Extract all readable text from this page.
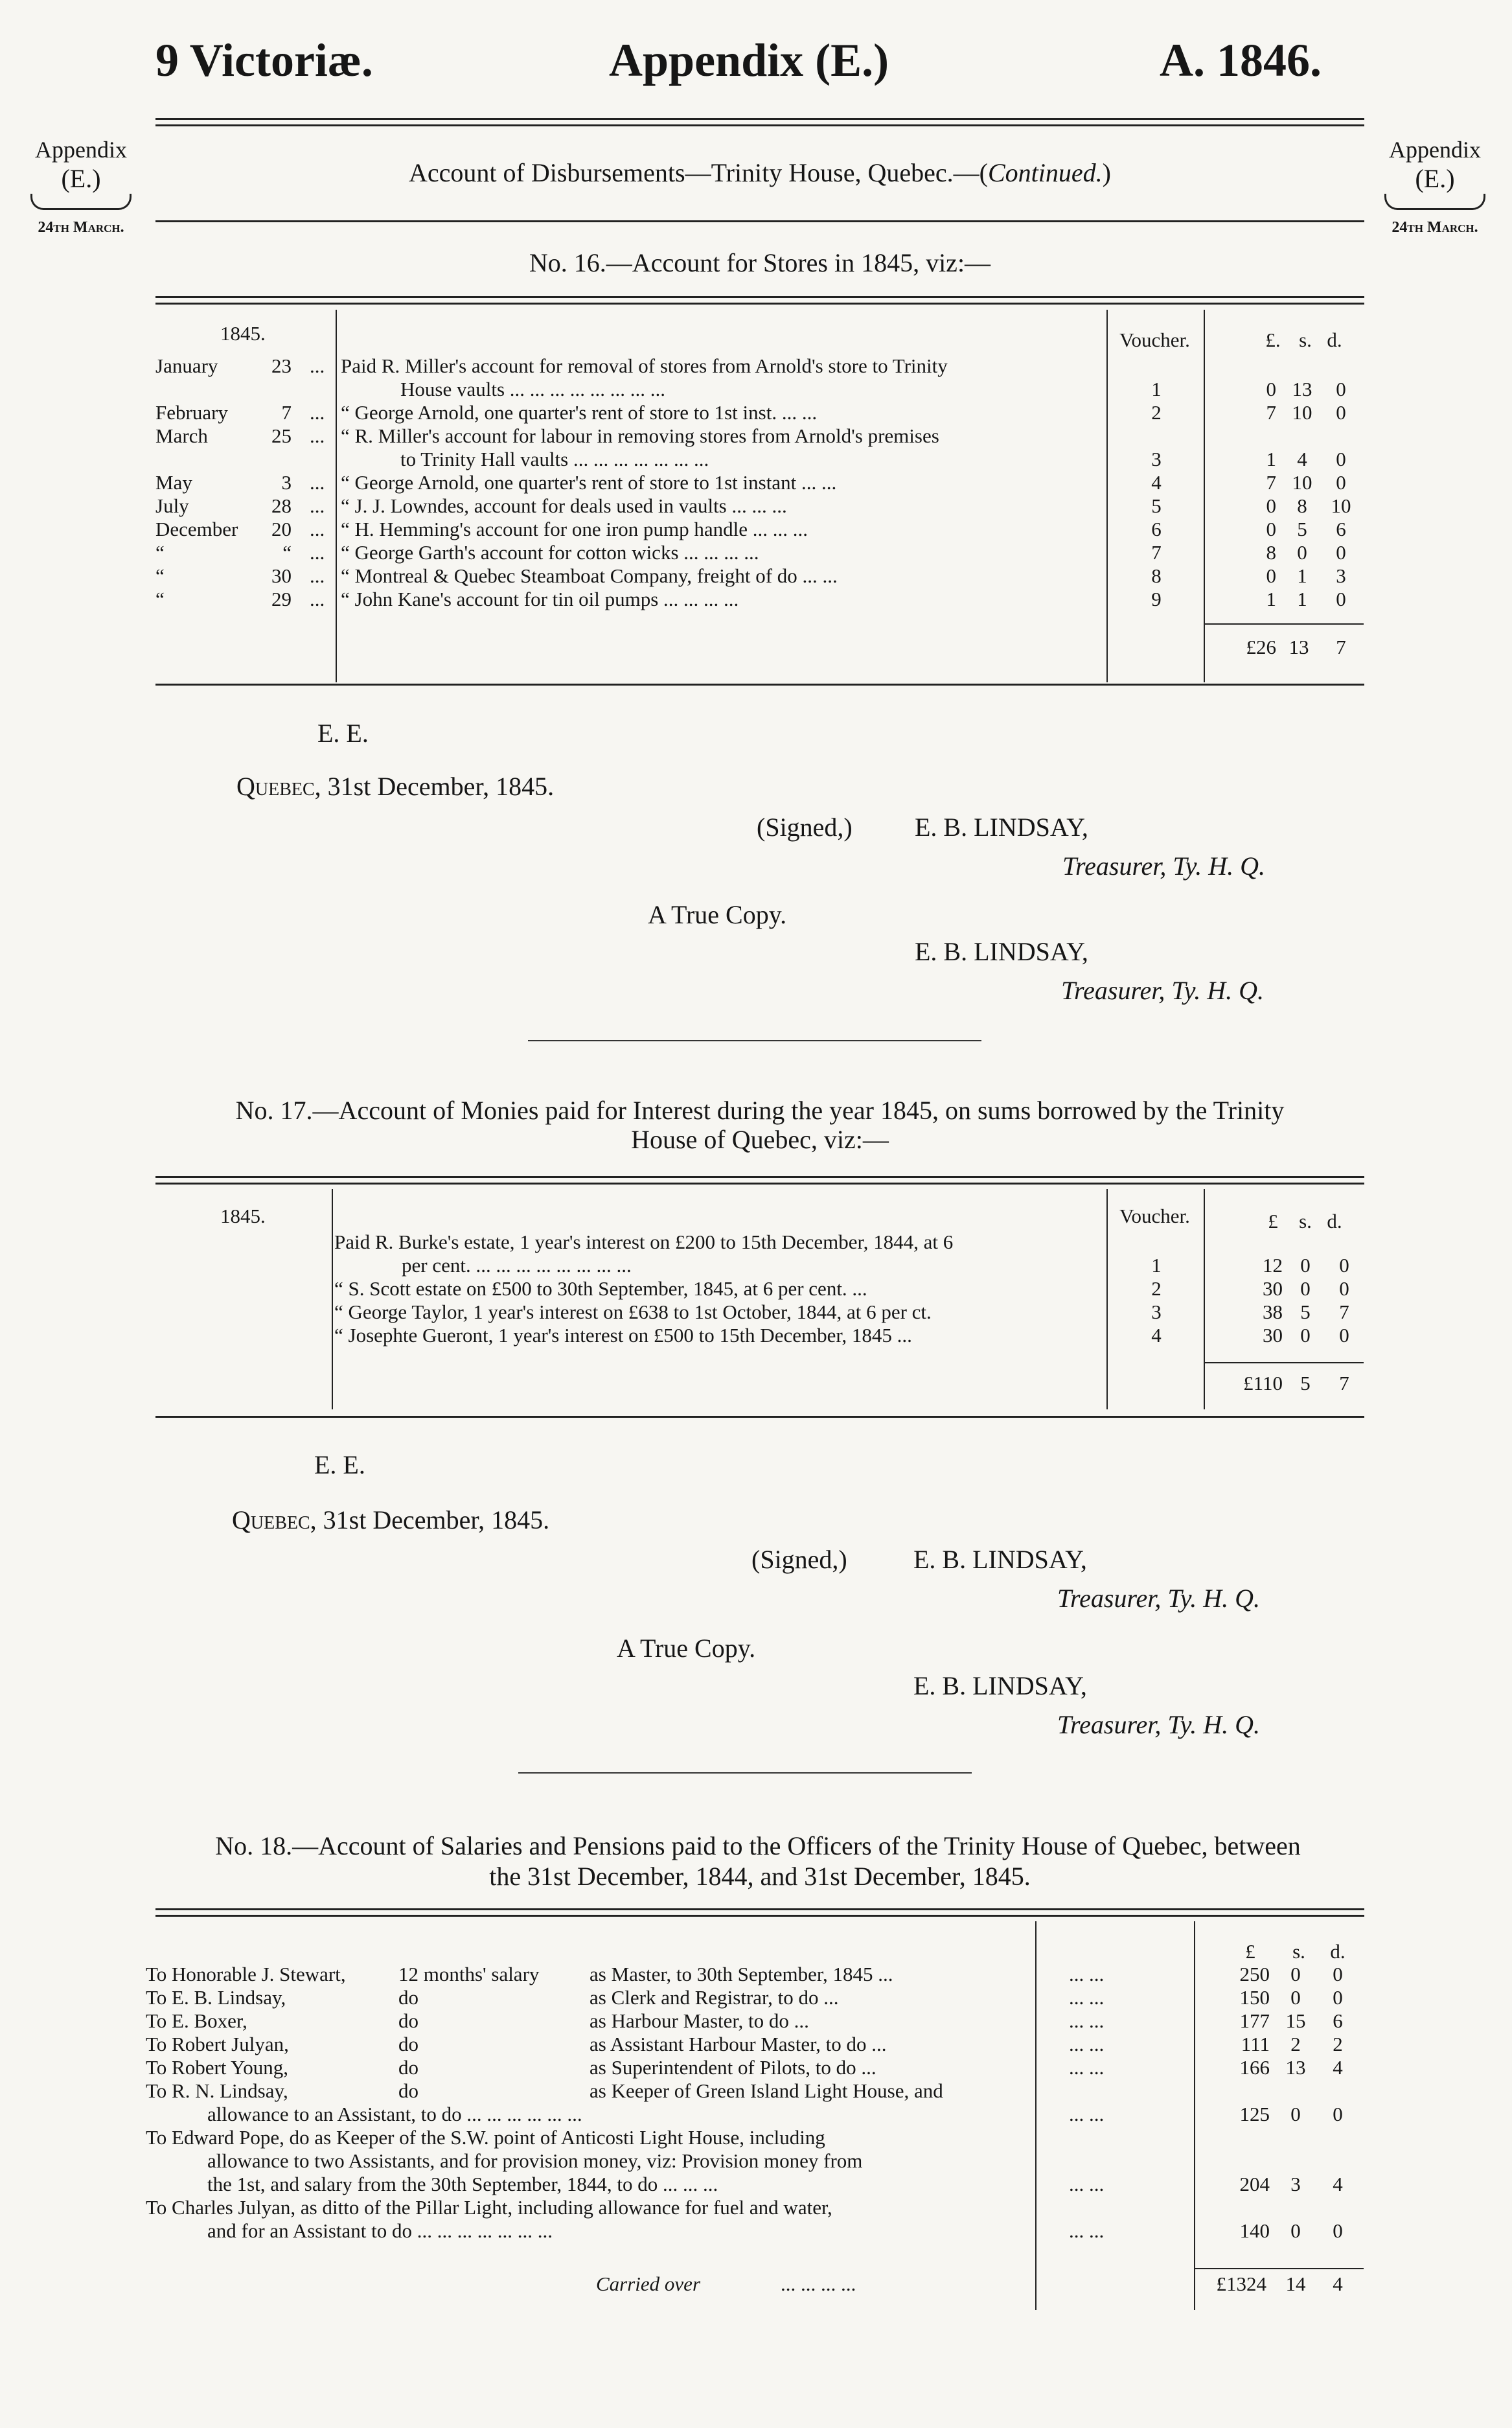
9 Victoriæ.	Appendix (E.)	A. 1846.
Appendix
(E.)
24th March.
Appendix
(E.)
24th March.
Account of Disbursements—Trinity House, Quebec.—(Continued.)
No. 16.—Account for Stores in 1845, viz:—
1845.	Voucher.	£. s. d.
January	23 ... Paid R. Miller's account for removal of stores from Arnold's store to Trinity
House vaults ... ... ... ... ... ... ... ...	1	0 13	0
February	7 ... “ George Arnold, one quarter's rent of store to 1st inst. ... ...	2	7 10	0
March	25 ... “ R. Miller's account for labour in removing stores from Arnold's premises
to Trinity Hall vaults ... ... ... ... ... ... ...	3	1	4	0
May	3 ... “ George Arnold, one quarter's rent of store to 1st instant ... ...	4	7 10	0
July	28 ... “ J. J. Lowndes, account for deals used in vaults ... ... ...	5	0	8	10
December	20 ... “ H. Hemming's account for one iron pump handle ... ... ...	6	0	5	6
“	“ ... “ George Garth's account for cotton wicks ... ... ... ...	7	8	0	0
“	30 ... “ Montreal & Quebec Steamboat Company, freight of do ... ...	8	0	1	3
“	29 ... “ John Kane's account for tin oil pumps ... ... ... ...	9	1	1	0
£26 13	7
E. E.
Quebec, 31st December, 1845.
(Signed,) E. B. LINDSAY,
Treasurer, Ty. H. Q.
A True Copy.
E. B. LINDSAY,
Treasurer, Ty. H. Q.
No. 17.—Account of Monies paid for Interest during the year 1845, on sums borrowed by the Trinity
House of Quebec, viz:—
1845.	Voucher.	£	s. d.
Paid R. Burke's estate, 1 year's interest on £200 to 15th December, 1844, at 6
per cent. ... ... ... ... ... ... ... ...	1	12 0	0
“ S. Scott estate on £500 to 30th September, 1845, at 6 per cent. ...	2	30 0	0
“ George Taylor, 1 year's interest on £638 to 1st October, 1844, at 6 per ct.	3	38 5	7
“ Josephte Gueront, 1 year's interest on £500 to 15th December, 1845 ...	4	30 0	0
£110 5	7
E. E.
Quebec, 31st December, 1845.
(Signed,)	E. B. LINDSAY,
Treasurer, Ty. H. Q.
A True Copy.
E. B. LINDSAY,
Treasurer, Ty. H. Q.
No. 18.—Account of Salaries and Pensions paid to the Officers of the Trinity House of Quebec, between
the 31st December, 1844, and 31st December, 1845.
£	s.	d.
To Honorable J. Stewart,	12 months' salary	as Master, to 30th September, 1845 ...	... ...	250	0	0
To E. B. Lindsay,	do	as Clerk and Registrar, to do ...	... ...	150	0	0
To E. Boxer,	do	as Harbour Master, to do ...	... ...	177 15	6
To Robert Julyan,	do	as Assistant Harbour Master, to do ...	... ...	111	2	2
To Robert Young,	do	as Superintendent of Pilots, to do ...	... ...	166 13	4
To R. N. Lindsay,	do	as Keeper of Green Island Light House, and
allowance to an Assistant, to do ... ... ... ... ... ...	... ...	125	0	0
To Edward Pope, do as Keeper of the S.W. point of Anticosti Light House, including
allowance to two Assistants, and for provision money, viz: Provision money from
the 1st, and salary from the 30th September, 1844, to do ... ... ...	... ...	204	3	4
To Charles Julyan, as ditto of the Pillar Light, including allowance for fuel and water,
and for an Assistant to do ... ... ... ... ... ... ...	... ...	140	0	0
Carried over	... ... ... ...	£1324 14	4
